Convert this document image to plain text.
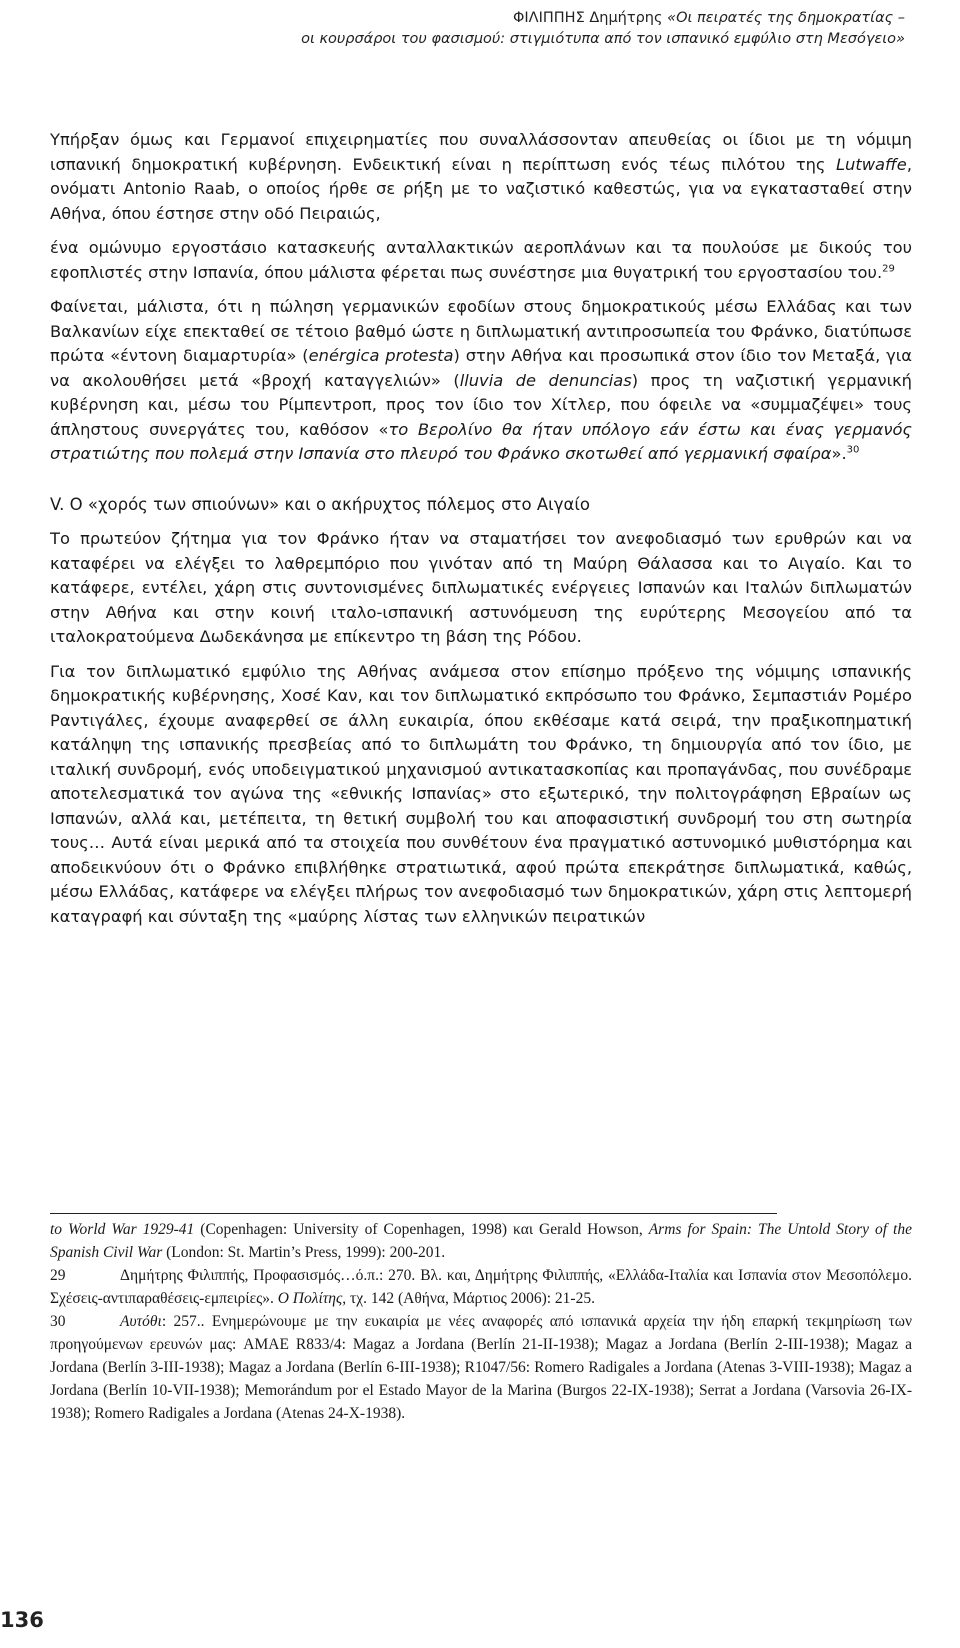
ΦΙΛΙΠΠΗΣ Δημήτρης «Οι πειρατές της δημοκρατίας –
οι κουρσάροι του φασισμού: στιγμιότυπα από τον ισπανικό εμφύλιο στη Μεσόγειο»

Υπήρξαν όμως και Γερμανοί επιχειρηματίες που συναλλάσσονταν απευθείας οι ίδιοι με τη νόμιμη ισπανική δημοκρατική κυβέρνηση. Ενδεικτική είναι η περίπτωση ενός τέως πιλότου της Lutwaffe, ονόματι Antonio Raab, ο οποίος ήρθε σε ρήξη με το ναζιστικό καθεστώς, για να εγκατασταθεί στην Αθήνα, όπου έστησε στην οδό Πειραιώς,

ένα ομώνυμο εργοστάσιο κατασκευής ανταλλακτικών αεροπλάνων και τα πουλούσε με δικούς του εφοπλιστές στην Ισπανία, όπου μάλιστα φέρεται πως συνέστησε μια θυγατρική του εργοστασίου του.$^{29}$

Φαίνεται, μάλιστα, ότι η πώληση γερμανικών εφοδίων στους δημοκρατικούς μέσω Ελλάδας και των Βαλκανίων είχε επεκταθεί σε τέτοιο βαθμό ώστε η διπλωματική αντιπροσωπεία του Φράνκο, διατύπωσε πρώτα «έντονη διαμαρτυρία» (enérgica protesta) στην Αθήνα και προσωπικά στον ίδιο τον Μεταξά, για να ακολουθήσει μετά «βροχή καταγγελιών» (lluvia de denuncias) προς τη ναζιστική γερμανική κυβέρνηση και, μέσω του Ρίμπεντροπ, προς τον ίδιο τον Χίτλερ, που όφειλε να «συμμαζέψει» τους άπληστους συνεργάτες του, καθόσον «το Βερολίνο θα ήταν υπόλογο εάν έστω και ένας γερμανός στρατιώτης που πολεμά στην Ισπανία στο πλευρό του Φράνκο σκοτωθεί από γερμανική σφαίρα».$^{30}$

V. Ο «χορός των σπιούνων» και ο ακήρυχτος πόλεμος στο Αιγαίο

Το πρωτεύον ζήτημα για τον Φράνκο ήταν να σταματήσει τον ανεφοδιασμό των ερυθρών και να καταφέρει να ελέγξει το λαθρεμπόριο που γινόταν από τη Μαύρη Θάλασσα και το Αιγαίο. Και το κατάφερε, εντέλει, χάρη στις συντονισμένες διπλωματικές ενέργειες Ισπανών και Ιταλών διπλωματών στην Αθήνα και στην κοινή ιταλο-ισπανική αστυνόμευση της ευρύτερης Μεσογείου από τα ιταλοκρατούμενα Δωδεκάνησα με επίκεντρο τη βάση της Ρόδου.

Για τον διπλωματικό εμφύλιο της Αθήνας ανάμεσα στον επίσημο πρόξενο της νόμιμης ισπανικής δημοκρατικής κυβέρνησης, Χοσέ Καν, και τον διπλωματικό εκπρόσωπο του Φράνκο, Σεμπαστιάν Ρομέρο Ραντιγάλες, έχουμε αναφερθεί σε άλλη ευκαιρία, όπου εκθέσαμε κατά σειρά, την πραξικοπηματική κατάληψη της ισπανικής πρεσβείας από το διπλωμάτη του Φράνκο, τη δημιουργία από τον ίδιο, με ιταλική συνδρομή, ενός υποδειγματικού μηχανισμού αντικατασκοπίας και προπαγάνδας, που συνέδραμε αποτελεσματικά τον αγώνα της «εθνικής Ισπανίας» στο εξωτερικό, την πολιτογράφηση Εβραίων ως Ισπανών, αλλά και, μετέπειτα, τη θετική συμβολή του και αποφασιστική συνδρομή του στη σωτηρία τους… Αυτά είναι μερικά από τα στοιχεία που συνθέτουν ένα πραγματικό αστυνομικό μυθιστόρημα και αποδεικνύουν ότι ο Φράνκο επιβλήθηκε στρατιωτικά, αφού πρώτα επεκράτησε διπλωματικά, καθώς, μέσω Ελλάδας, κατάφερε να ελέγξει πλήρως τον ανεφοδιασμό των δημοκρατικών, χάρη στις λεπτομερή καταγραφή και σύνταξη της «μαύρης λίστας των ελληνικών πειρατικών

to World War 1929-41 (Copenhagen: University of Copenhagen, 1998) και Gerald Howson, Arms for Spain: The Untold Story of the Spanish Civil War (London: St. Martin’s Press, 1999): 200-201.

29	Δημήτρης Φιλιππής, Προφασισμός…ό.π.: 270. Βλ. και, Δημήτρης Φιλιππής, «Ελλάδα-Ιταλία και Ισπανία στον Μεσοπόλεμο. Σχέσεις-αντιπαραθέσεις-εμπειρίες». Ο Πολίτης, τχ. 142 (Αθήνα, Μάρτιος 2006): 21-25.

30	Αυτόθι: 257.. Ενημερώνουμε με την ευκαιρία με νέες αναφορές από ισπανικά αρχεία την ήδη επαρκή τεκμηρίωση των προηγούμενων ερευνών μας: AMAE R833/4: Magaz a Jordana (Berlín 21-II-1938); Magaz a Jordana (Berlín 2-III-1938); Magaz a Jordana (Berlín 3-III-1938); Magaz a Jordana (Berlín 6-III-1938); R1047/56: Romero Radigales a Jordana (Atenas 3-VIII-1938); Magaz a Jordana (Berlín 10-VII-1938); Memorándum por el Estado Mayor de la Marina (Burgos 22-IX-1938); Serrat a Jordana (Varsovia 26-IX-1938); Romero Radigales a Jordana (Atenas 24-X-1938).

136
